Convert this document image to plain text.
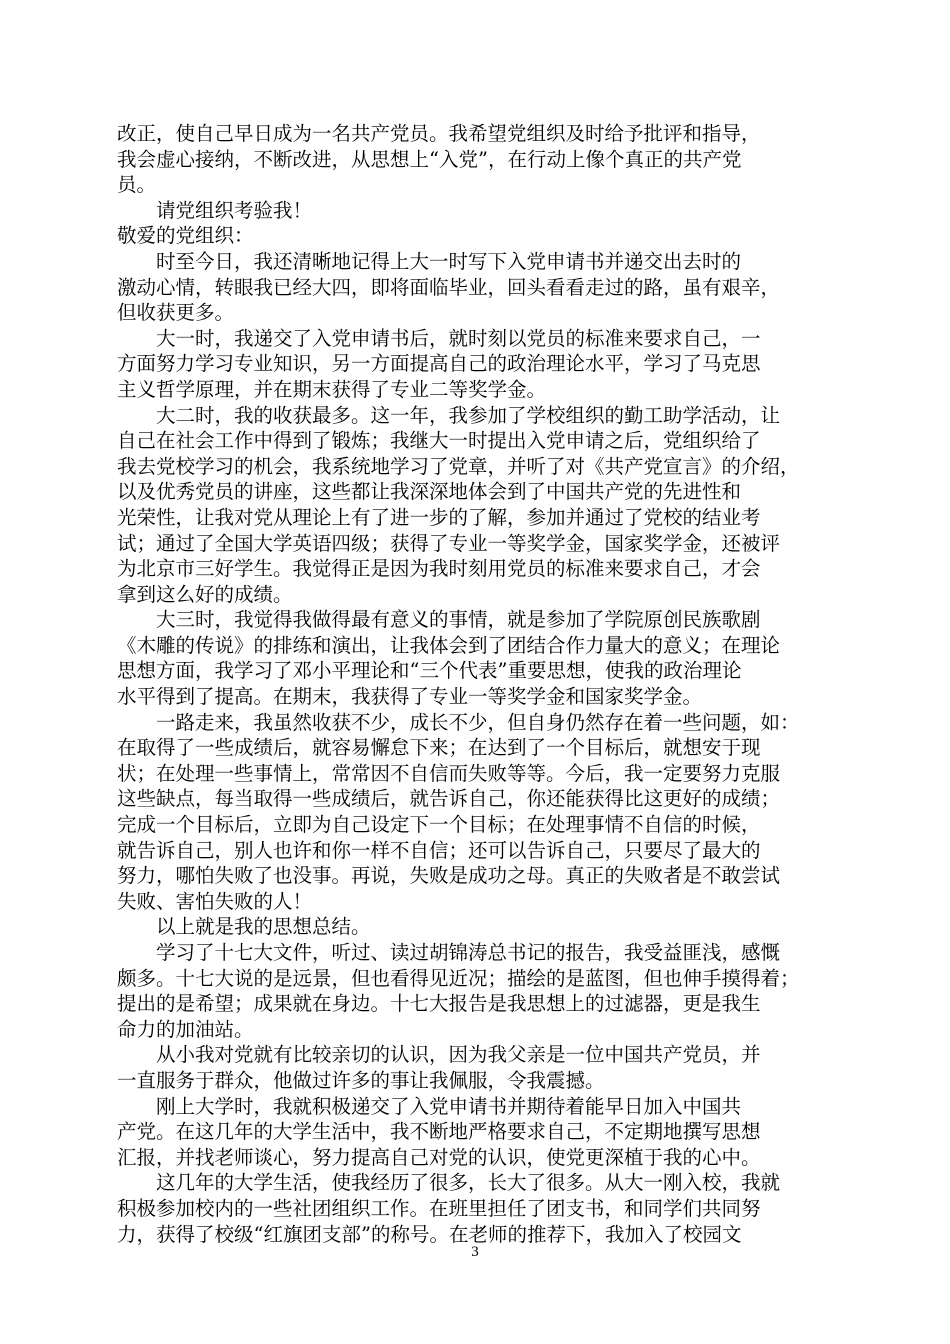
改正，使自己早日成为一名共产党员。我希望党组织及时给予批评和指导，
我会虚心接纳，不断改进，从思想上“入党”，在行动上像个真正的共产党
员。
　　请党组织考验我！
敬爱的党组织：
　　时至今日，我还清晰地记得上大一时写下入党申请书并递交出去时的
激动心情，转眼我已经大四，即将面临毕业，回头看看走过的路，虽有艰辛，
但收获更多。
　　大一时，我递交了入党申请书后，就时刻以党员的标准来要求自己，一
方面努力学习专业知识，另一方面提高自己的政治理论水平，学习了马克思
主义哲学原理，并在期末获得了专业二等奖学金。
　　大二时，我的收获最多。这一年，我参加了学校组织的勤工助学活动，让
自己在社会工作中得到了锻炼；我继大一时提出入党申请之后，党组织给了
我去党校学习的机会，我系统地学习了党章，并听了对《共产党宣言》的介绍，
以及优秀党员的讲座，这些都让我深深地体会到了中国共产党的先进性和
光荣性，让我对党从理论上有了进一步的了解，参加并通过了党校的结业考
试；通过了全国大学英语四级；获得了专业一等奖学金，国家奖学金，还被评
为北京市三好学生。我觉得正是因为我时刻用党员的标准来要求自己，才会
拿到这么好的成绩。
　　大三时，我觉得我做得最有意义的事情，就是参加了学院原创民族歌剧
《木雕的传说》的排练和演出，让我体会到了团结合作力量大的意义；在理论
思想方面，我学习了邓小平理论和“三个代表”重要思想，使我的政治理论
水平得到了提高。在期末，我获得了专业一等奖学金和国家奖学金。
　　一路走来，我虽然收获不少，成长不少，但自身仍然存在着一些问题，如：
在取得了一些成绩后，就容易懈怠下来；在达到了一个目标后，就想安于现
状；在处理一些事情上，常常因不自信而失败等等。今后，我一定要努力克服
这些缺点，每当取得一些成绩后，就告诉自己，你还能获得比这更好的成绩；
完成一个目标后，立即为自己设定下一个目标；在处理事情不自信的时候，
就告诉自己，别人也许和你一样不自信；还可以告诉自己，只要尽了最大的
努力，哪怕失败了也没事。再说，失败是成功之母。真正的失败者是不敢尝试
失败、害怕失败的人！
　　以上就是我的思想总结。
　　学习了十七大文件，听过、读过胡锦涛总书记的报告，我受益匪浅，感慨
颇多。十七大说的是远景，但也看得见近况；描绘的是蓝图，但也伸手摸得着；
提出的是希望；成果就在身边。十七大报告是我思想上的过滤器，更是我生
命力的加油站。
　　从小我对党就有比较亲切的认识，因为我父亲是一位中国共产党员，并
一直服务于群众，他做过许多的事让我佩服，令我震撼。
　　刚上大学时，我就积极递交了入党申请书并期待着能早日加入中国共
产党。在这几年的大学生活中，我不断地严格要求自己，不定期地撰写思想
汇报，并找老师谈心，努力提高自己对党的认识，使党更深植于我的心中。
　　这几年的大学生活，使我经历了很多，长大了很多。从大一刚入校，我就
积极参加校内的一些社团组织工作。在班里担任了团支书，和同学们共同努
力，获得了校级“红旗团支部”的称号。在老师的推荐下，我加入了校园文
3
